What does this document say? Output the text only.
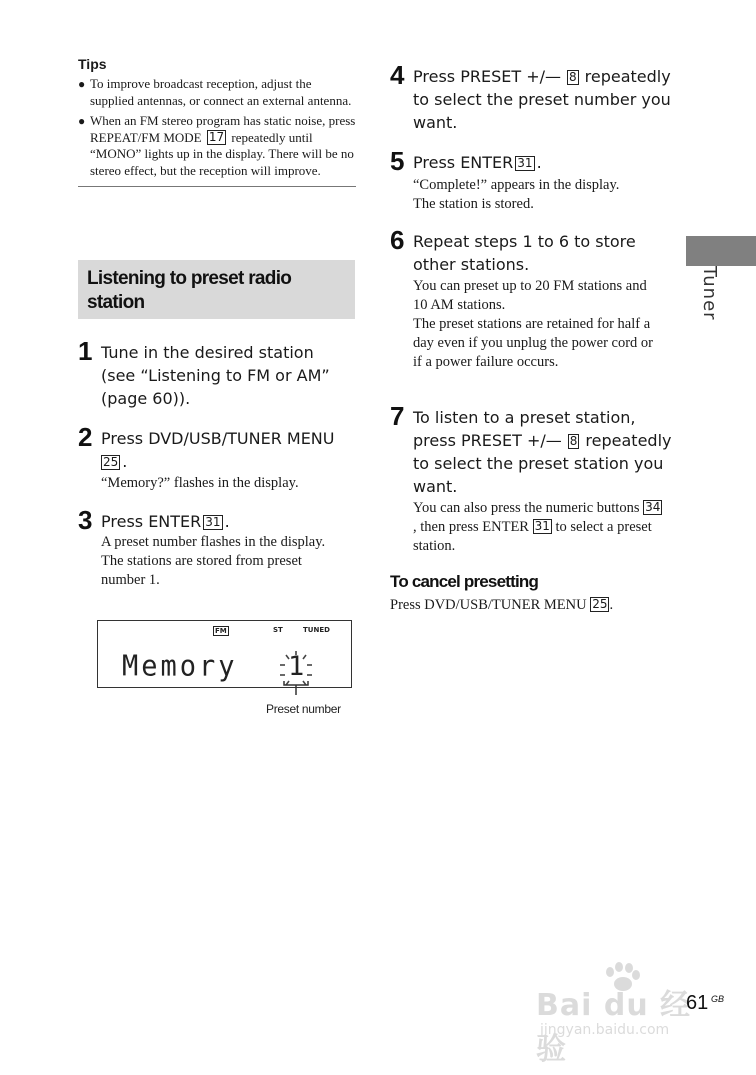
Tips
● To improve broadcast reception, adjust the supplied antennas, or connect an external antenna.
● When an FM stereo program has static noise, press REPEAT/FM MODE 17 repeatedly until “MONO” lights up in the display. There will be no stereo effect, but the reception will improve.
Listening to preset radio station
1 Tune in the desired station (see “Listening to FM or AM” (page 60)).
2 Press DVD/USB/TUNER MENU 25 .
“Memory?” flashes in the display.
3 Press ENTER 31 .
A preset number flashes in the display.
The stations are stored from preset number 1.
FM	ST	TUNED
Memory 1
Preset number
4 Press PRESET +/— 8 repeatedly to select the preset number you want.
5 Press ENTER 31 .
“Complete!” appears in the display.
The station is stored.
6 Repeat steps 1 to 6 to store other stations.
You can preset up to 20 FM stations and 10 AM stations.
The preset stations are retained for half a day even if you unplug the power cord or if a power failure occurs.
7 To listen to a preset station, press PRESET +/— 8 repeatedly to select the preset station you want.
You can also press the numeric buttons 34, then press ENTER 31 to select a preset station.
To cancel presetting
Press DVD/USB/TUNER MENU 25 .
Tuner
Bai du 经验
jingyan.baidu.com
61 GB
